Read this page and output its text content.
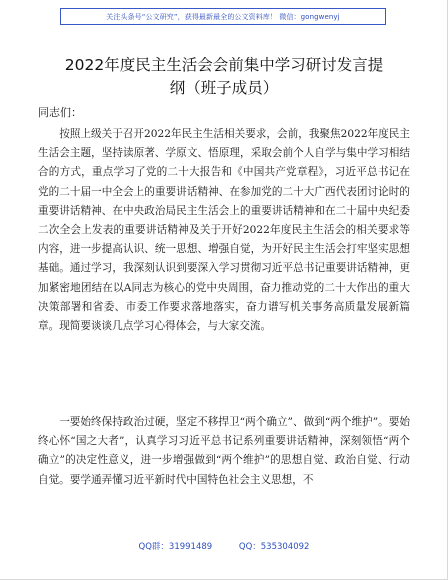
关注头条号“公文研究”，获得最新最全的公文资料库！ 微信：gongwenyj
2022年度民主生活会会前集中学习研讨发言提
纲（班子成员）

同志们：

按照上级关于召开2022年民主生活相关要求，会前，我聚焦2022年度民主生活会主题，坚持读原著、学原文、悟原理，采取会前个人自学与集中学习相结合的方式，重点学习了党的二十大报告和《中国共产党章程》，习近平总书记在党的二十届一中全会上的重要讲话精神、在参加党的二十大广西代表团讨论时的重要讲话精神、在中央政治局民主生活会上的重要讲话精神和在二十届中央纪委二次全会上发表的重要讲话精神及关于开好2022年度民主生活会的相关要求等内容，进一步提高认识、统一思想、增强自觉，为开好民主生活会打牢坚实思想基础。通过学习，我深刻认识到要深入学习贯彻习近平总书记重要讲话精神，更加紧密地团结在以A同志为核心的党中央周围，奋力推动党的二十大作出的重大决策部署和省委、市委工作要求落地落实，奋力谱写机关事务高质量发展新篇章。现简要谈谈几点学习心得体会，与大家交流。

一要始终保持政治过硬，坚定不移捍卫“两个确立”、做到“两个维护”。要始终心怀“国之大者”，认真学习习近平总书记系列重要讲话精神，深刻领悟“两个确立”的决定性意义，进一步增强做到“两个维护”的思想自觉、政治自觉、行动自觉。要学通弄懂习近平新时代中国特色社会主义思想，不

QQ群：31991489	QQ：535304092
